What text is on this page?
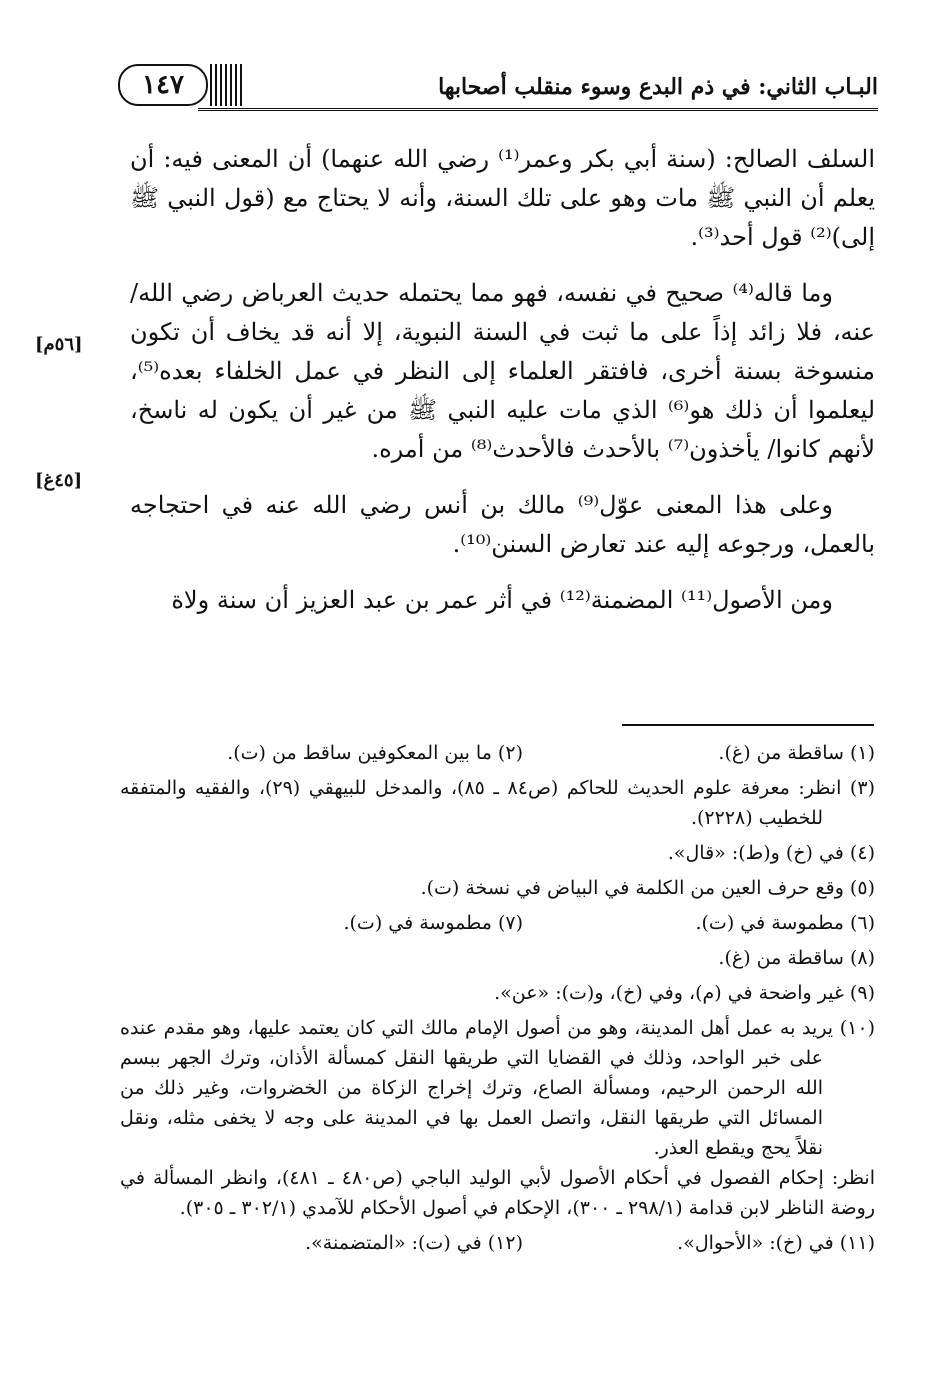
البـاب الثاني: في ذم البدع وسوء منقلب أصحابها
١٤٧

السلف الصالح: (سنة أبي بكر وعمر⁽¹⁾ رضي الله عنهما) أن المعنى فيه: أن يعلم أن النبي ﷺ مات وهو على تلك السنة، وأنه لا يحتاج مع (قول النبي ﷺ إلى)⁽²⁾ قول أحد⁽³⁾.

وما قاله⁽⁴⁾ صحيح في نفسه، فهو مما يحتمله حديث العرباض رضي الله/ عنه، فلا زائد إذاً على ما ثبت في السنة النبوية، إلا أنه قد يخاف أن تكون منسوخة بسنة أخرى، فافتقر العلماء إلى النظر في عمل الخلفاء بعده⁽⁵⁾، ليعلموا أن ذلك هو⁽⁶⁾ الذي مات عليه النبي ﷺ من غير أن يكون له ناسخ، لأنهم كانوا/ يأخذون⁽⁷⁾ بالأحدث فالأحدث⁽⁸⁾ من أمره.

وعلى هذا المعنى عوّل⁽⁹⁾ مالك بن أنس رضي الله عنه في احتجاجه بالعمل، ورجوعه إليه عند تعارض السنن⁽¹⁰⁾.

ومن الأصول⁽¹¹⁾ المضمنة⁽¹²⁾ في أثر عمر بن عبد العزيز أن سنة ولاة

[٥٦م]
[٤٥غ]
(١) ساقطة من (غ).
(٢) ما بين المعكوفين ساقط من (ت).
(٣) انظر: معرفة علوم الحديث للحاكم (ص٨٤ ـ ٨٥)، والمدخل للبيهقي (٢٩)، والفقيه والمتفقه للخطيب (٢٢٢٨).
(٤) في (خ) و(ط): «قال».
(٥) وقع حرف العين من الكلمة في البياض في نسخة (ت).
(٦) مطموسة في (ت).
(٧) مطموسة في (ت).
(٨) ساقطة من (غ).
(٩) غير واضحة في (م)، وفي (خ)، و(ت): «عن».
(١٠) يريد به عمل أهل المدينة، وهو من أصول الإمام مالك التي كان يعتمد عليها، وهو مقدم عنده على خبر الواحد، وذلك في القضايا التي طريقها النقل كمسألة الأذان، وترك الجهر ببسم الله الرحمن الرحيم، ومسألة الصاع، وترك إخراج الزكاة من الخضروات، وغير ذلك من المسائل التي طريقها النقل، واتصل العمل بها في المدينة على وجه لا يخفى مثله، ونقل نقلاً يحج ويقطع العذر.
انظر: إحكام الفصول في أحكام الأصول لأبي الوليد الباجي (ص٤٨٠ ـ ٤٨١)، وانظر المسألة في روضة الناظر لابن قدامة (٢٩٨/١ ـ ٣٠٠)، الإحكام في أصول الأحكام للآمدي (٣٠٢/١ ـ ٣٠٥).
(١١) في (خ): «الأحوال».
(١٢) في (ت): «المتضمنة».
